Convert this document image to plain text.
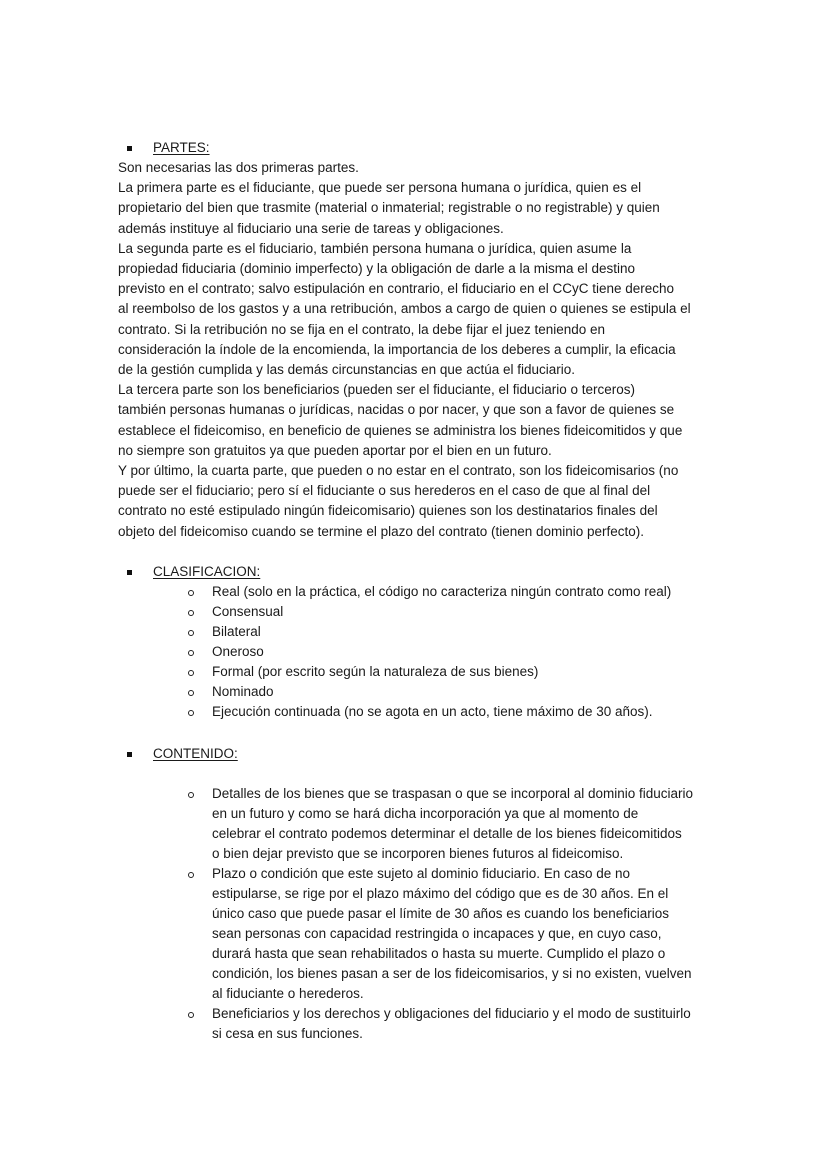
PARTES:

Son necesarias las dos primeras partes.

La primera parte es el fiduciante, que puede ser persona humana o jurídica, quien es el

propietario del bien que trasmite (material o inmaterial; registrable o no registrable) y quien

además instituye al fiduciario una serie de tareas y obligaciones.

La segunda parte es el fiduciario, también persona humana o jurídica, quien asume la

propiedad fiduciaria (dominio imperfecto) y la obligación de darle a la misma el destino

previsto en el contrato; salvo estipulación en contrario, el fiduciario en el CCyC tiene derecho

al reembolso de los gastos y a una retribución, ambos a cargo de quien o quienes se estipula el

contrato. Si la retribución no se fija en el contrato, la debe fijar el juez teniendo en

consideración la índole de la encomienda, la importancia de los deberes a cumplir, la eficacia

de la gestión cumplida y las demás circunstancias en que actúa el fiduciario.

La tercera parte son los beneficiarios (pueden ser el fiduciante, el fiduciario o terceros)

también personas humanas o jurídicas, nacidas o por nacer, y que son a favor de quienes se

establece el fideicomiso, en beneficio de quienes se administra los bienes fideicomitidos y que

no siempre son gratuitos ya que pueden aportar por el bien en un futuro.

Y por último, la cuarta parte, que pueden o no estar en el contrato, son los fideicomisarios (no

puede ser el fiduciario; pero sí el fiduciante o sus herederos en el caso de que al final del

contrato no esté estipulado ningún fideicomisario) quienes son los destinatarios finales del

objeto del fideicomiso cuando se termine el plazo del contrato (tienen dominio perfecto).

CLASIFICACION:
Real (solo en la práctica, el código no caracteriza ningún contrato como real)
Consensual
Bilateral
Oneroso
Formal (por escrito según la naturaleza de sus bienes)
Nominado
Ejecución continuada (no se agota en un acto, tiene máximo de 30 años).
CONTENIDO:
Detalles de los bienes que se traspasan o que se incorporal al dominio fiduciario
en un futuro y como se hará dicha incorporación ya que al momento de
celebrar el contrato podemos determinar el detalle de los bienes fideicomitidos
o bien dejar previsto que se incorporen bienes futuros al fideicomiso.
Plazo o condición que este sujeto al dominio fiduciario. En caso de no
estipularse, se rige por el plazo máximo del código que es de 30 años. En el
único caso que puede pasar el límite de 30 años es cuando los beneficiarios
sean personas con capacidad restringida o incapaces y que, en cuyo caso,
durará hasta que sean rehabilitados o hasta su muerte. Cumplido el plazo o
condición, los bienes pasan a ser de los fideicomisarios, y si no existen, vuelven
al fiduciante o herederos.
Beneficiarios y los derechos y obligaciones del fiduciario y el modo de sustituirlo
si cesa en sus funciones.
